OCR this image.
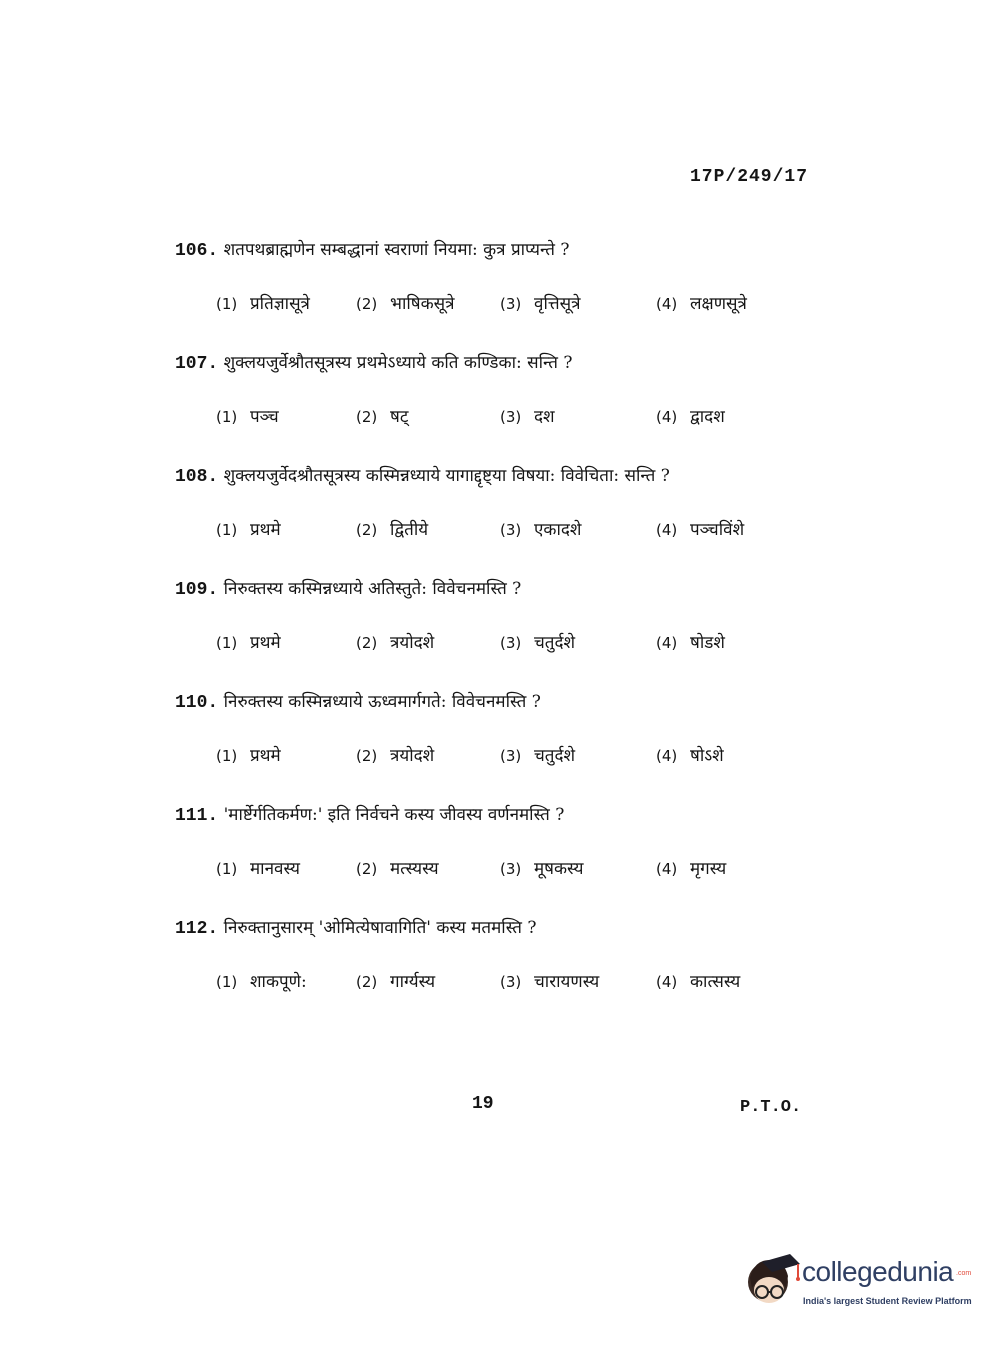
17P/249/17
106. शतपथब्राह्मणेन सम्बद्धानां स्वराणां नियमा: कुत्र प्राप्यन्ते ?
(1) प्रतिज्ञासूत्रे	(2) भाषिकसूत्रे	(3) वृत्तिसूत्रे	(4) लक्षणसूत्रे
107. शुक्लयजुर्वेश्रौतसूत्रस्य प्रथमेऽध्याये कति कण्डिका: सन्ति ?
(1) पञ्च	(2) षट्	(3) दश	(4) द्वादश
108. शुक्लयजुर्वेदश्रौतसूत्रस्य कस्मिन्नध्याये यागाद्दृष्ट्या विषया: विवेचिता: सन्ति ?
(1) प्रथमे	(2) द्वितीये	(3) एकादशे	(4) पञ्चविंशे
109. निरुक्तस्य कस्मिन्नध्याये अतिस्तुते: विवेचनमस्ति ?
(1) प्रथमे	(2) त्रयोदशे	(3) चतुर्दशे	(4) षोडशे
110. निरुक्तस्य कस्मिन्नध्याये ऊध्वमार्गगते: विवेचनमस्ति ?
(1) प्रथमे	(2) त्रयोदशे	(3) चतुर्दशे	(4) षोऽशे
111. 'मार्ष्टेर्गतिकर्मण:' इति निर्वचने कस्य जीवस्य वर्णनमस्ति ?
(1) मानवस्य	(2) मत्स्यस्य	(3) मूषकस्य	(4) मृगस्य
112. निरुक्तानुसारम् 'ओमित्येषावागिति' कस्य मतमस्ति ?
(1) शाकपूणे:	(2) गार्ग्यस्य	(3) चारायणस्य	(4) कात्सस्य
19	P.T.O.
collegedunia .com
India's largest Student Review Platform
